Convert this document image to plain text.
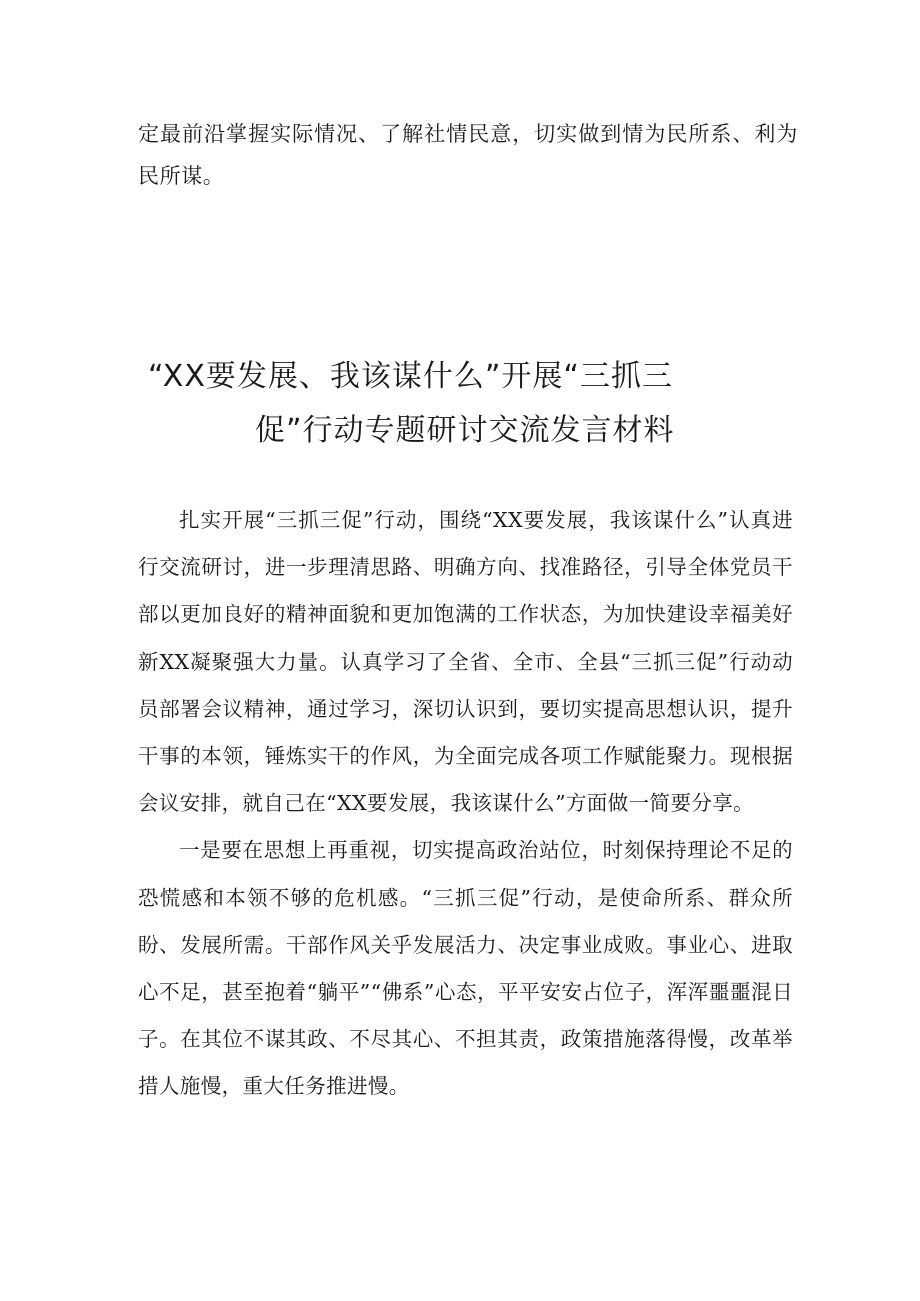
定最前沿掌握实际情况、了解社情民意，切实做到情为民所系、利为民所谋。

“XX要发展、我该谋什么”开展“三抓三
促”行动专题研讨交流发言材料

扎实开展“三抓三促”行动，围绕“XX要发展，我该谋什么”认真进行交流研讨，进一步理清思路、明确方向、找准路径，引导全体党员干部以更加良好的精神面貌和更加饱满的工作状态，为加快建设幸福美好新XX凝聚强大力量。认真学习了全省、全市、全县“三抓三促”行动动员部署会议精神，通过学习，深切认识到，要切实提高思想认识，提升干事的本领，锤炼实干的作风，为全面完成各项工作赋能聚力。现根据会议安排，就自己在“XX要发展，我该谋什么”方面做一简要分享。

一是要在思想上再重视，切实提高政治站位，时刻保持理论不足的恐慌感和本领不够的危机感。“三抓三促”行动，是使命所系、群众所盼、发展所需。干部作风关乎发展活力、决定事业成败。事业心、进取心不足，甚至抱着“躺平”“佛系”心态，平平安安占位子，浑浑噩噩混日子。在其位不谋其政、不尽其心、不担其责，政策措施落得慢，改革举措人施慢，重大任务推进慢。
